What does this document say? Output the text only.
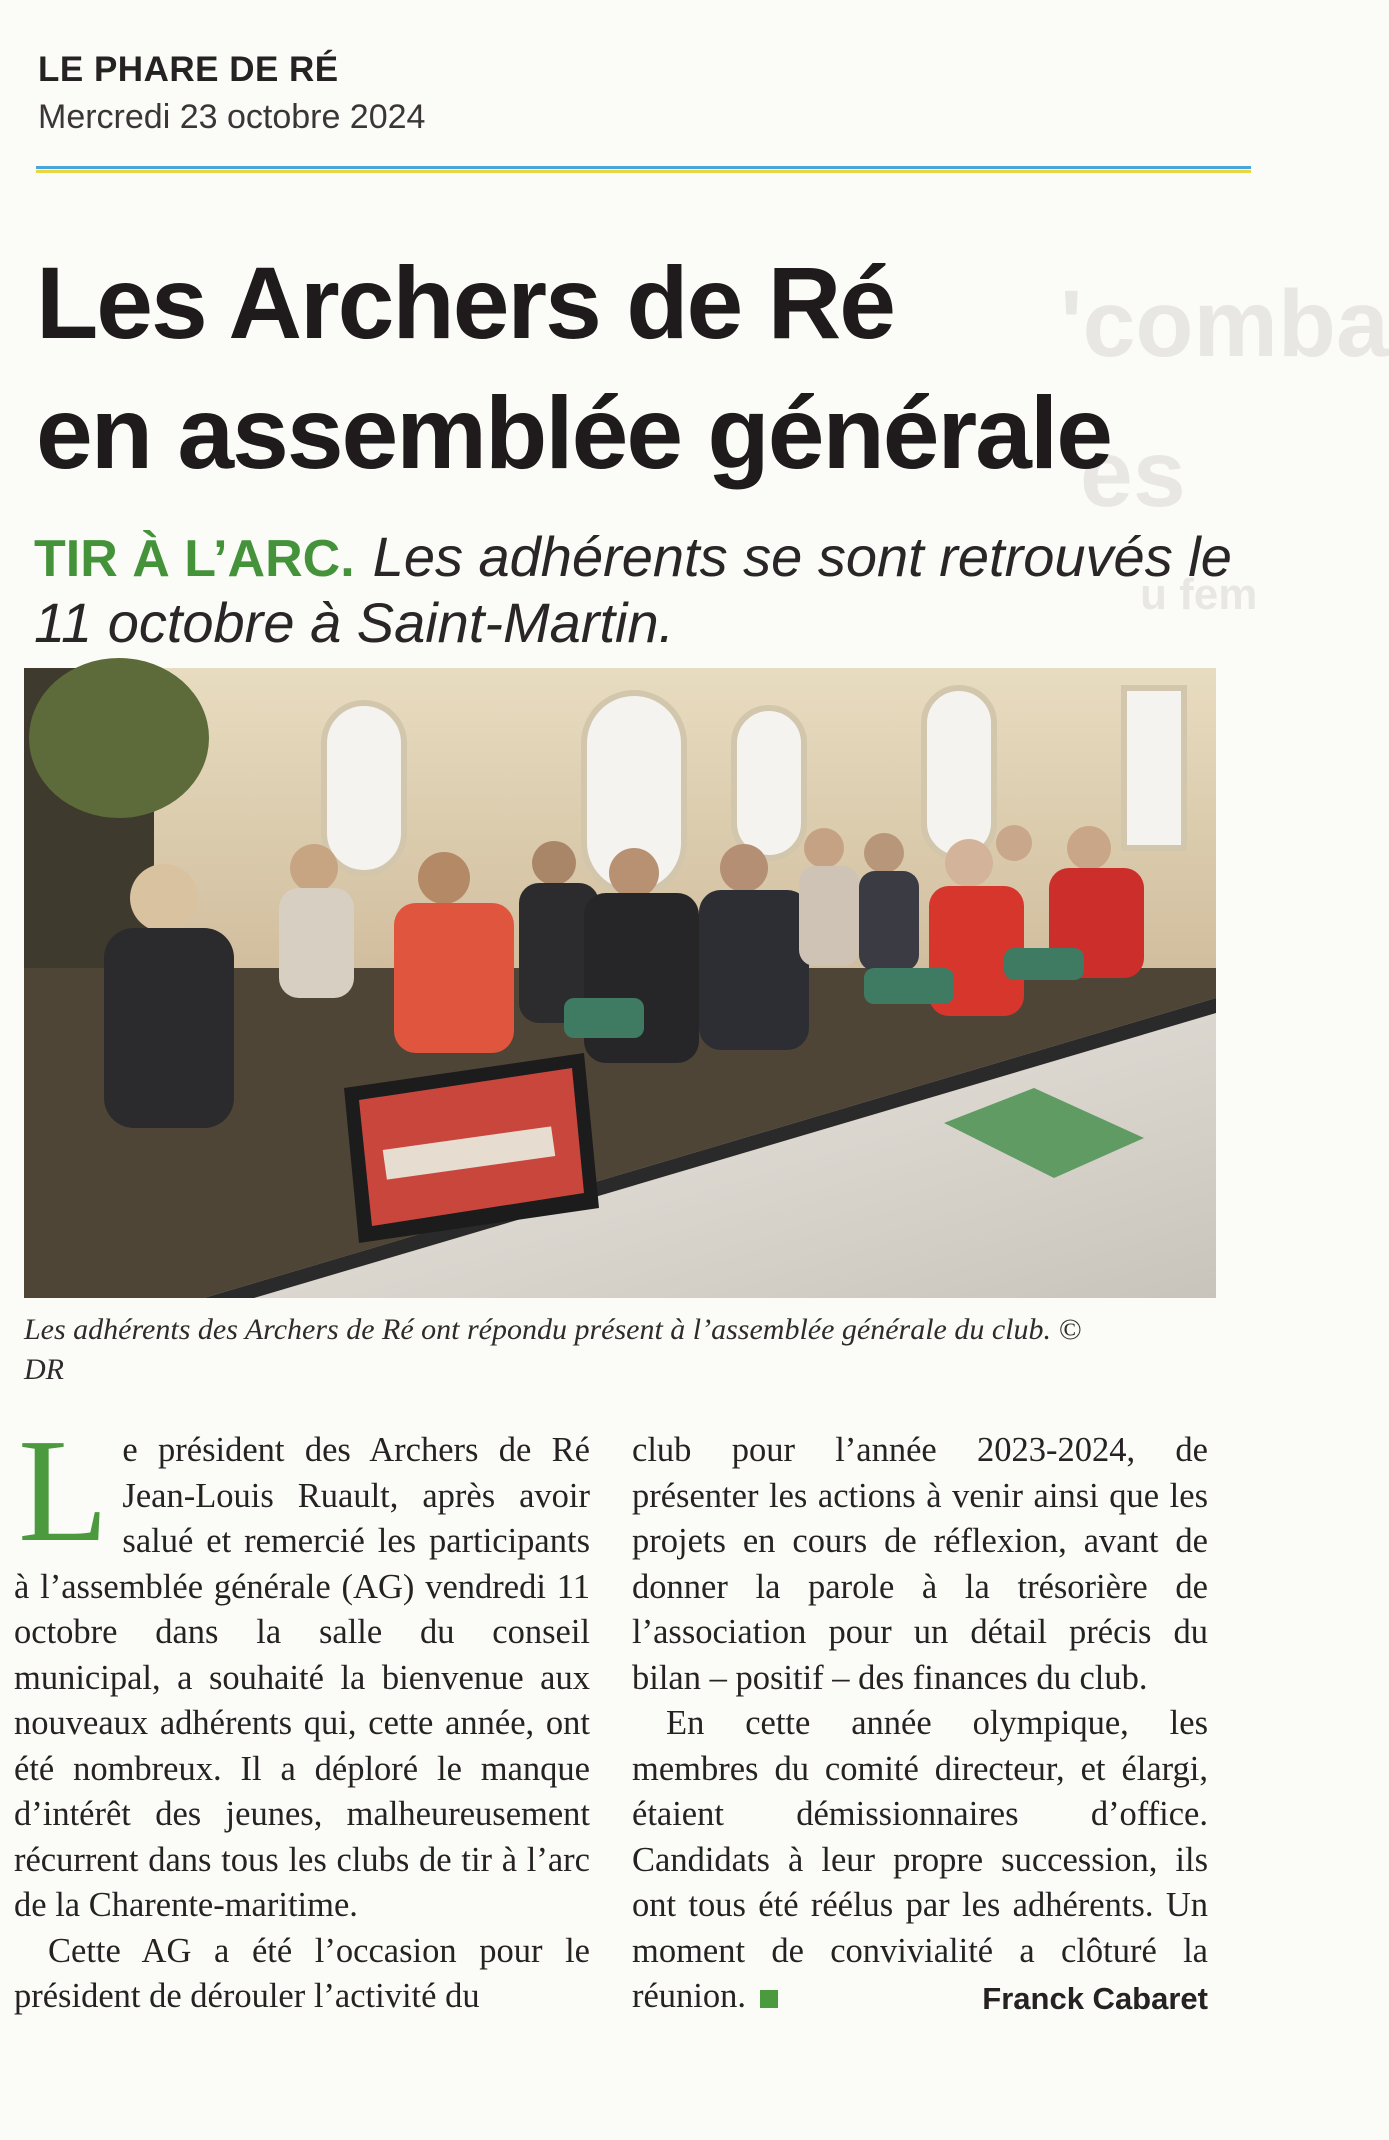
'comba
es
u fem
LE PHARE DE RÉ
Mercredi 23 octobre 2024
Les Archers de Ré
en assemblée générale
TIR À L’ARC. Les adhérents se sont retrouvés le 11 octobre à Saint-Martin.
Les adhérents des Archers de Ré ont répondu présent à l’assemblée générale du club. © DR

Le président des Archers de Ré Jean-Louis Ruault, après avoir salué et remercié les participants à l’assemblée générale (AG) vendredi 11 octobre dans la salle du conseil municipal, a souhaité la bienvenue aux nouveaux adhérents qui, cette année, ont été nombreux. Il a déploré le manque d’intérêt des jeunes, malheureusement récurrent dans tous les clubs de tir à l’arc de la Charente-maritime.

Cette AG a été l’occasion pour le président de dérouler l’activité du

club pour l’année 2023-2024, de présenter les actions à venir ainsi que les projets en cours de réflexion, avant de donner la parole à la trésorière de l’association pour un détail précis du bilan – positif – des finances du club.

En cette année olympique, les membres du comité directeur, et élargi, étaient démissionnaires d’office. Candidats à leur propre succession, ils ont tous été réélus par les adhérents. Un moment de convivialité a clôturé la réunion.	Franck Cabaret
